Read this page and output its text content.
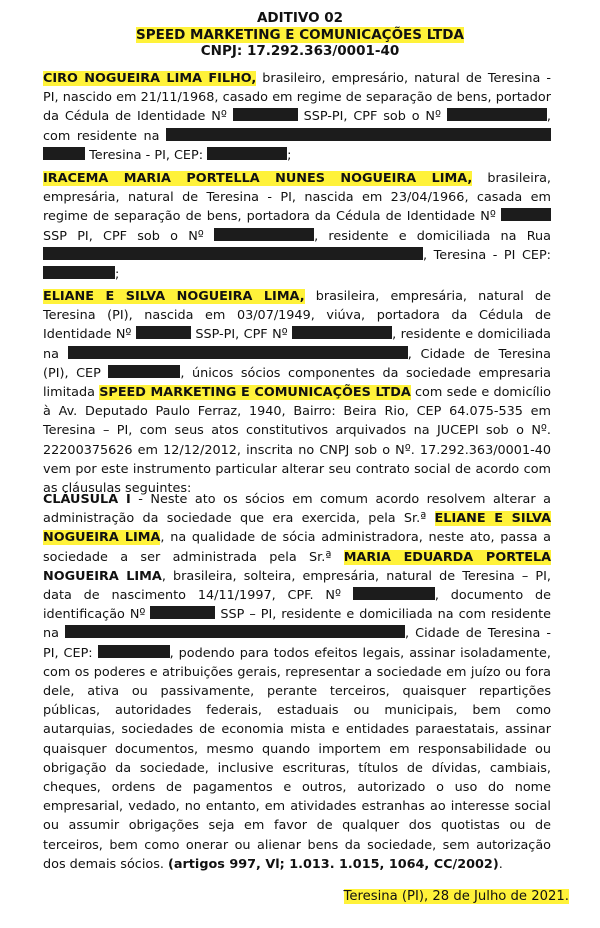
ADITIVO 02
SPEED MARKETING E COMUNICAÇÕES LTDA
CNPJ: 17.292.363/0001-40

CIRO NOGUEIRA LIMA FILHO, brasileiro, empresário, natural de Teresina - PI, nascido em 21/11/1968, casado em regime de separação de bens, portador da Cédula de Identidade Nº	SSP-PI, CPF sob o Nº	, com residente na   Teresina - PI, CEP:	;

IRACEMA MARIA PORTELLA NUNES NOGUEIRA LIMA, brasileira, empresária, natural de Teresina - PI, nascida em 23/04/1966, casada em regime de separação de bens, portadora da Cédula de Identidade Nº  SSP PI, CPF sob o Nº	, residente e domiciliada na Rua , Teresina - PI CEP: ;

ELIANE E SILVA NOGUEIRA LIMA, brasileira, empresária, natural de Teresina (PI), nascida em 03/07/1949, viúva, portadora da Cédula de Identidade Nº	SSP-PI, CPF Nº	, residente e domiciliada na	, Cidade de Teresina (PI), CEP	, únicos sócios componentes da sociedade empresaria limitada SPEED MARKETING E COMUNICAÇÕES LTDA com sede e domicílio à Av. Deputado Paulo Ferraz, 1940, Bairro: Beira Rio, CEP 64.075-535 em Teresina – PI, com seus atos constitutivos arquivados na JUCEPI sob o Nº. 22200375626 em 12/12/2012, inscrita no CNPJ sob o Nº. 17.292.363/0001-40 vem por este instrumento particular alterar seu contrato social de acordo com as cláusulas seguintes:

CLÁUSULA I - Neste ato os sócios em comum acordo resolvem alterar a administração da sociedade que era exercida, pela Sr.ª ELIANE E SILVA NOGUEIRA LIMA, na qualidade de sócia administradora, neste ato, passa a sociedade a ser administrada pela Sr.ª MARIA EDUARDA PORTELA NOGUEIRA LIMA, brasileira, solteira, empresária, natural de Teresina – PI, data de nascimento 14/11/1997, CPF. Nº	, documento de identificação Nº	SSP – PI, residente e domiciliada na com residente na	, Cidade de Teresina - PI, CEP:	, podendo para todos efeitos legais, assinar isoladamente, com os poderes e atribuições gerais, representar a sociedade em juízo ou fora dele, ativa ou passivamente, perante terceiros, quaisquer repartições públicas, autoridades federais, estaduais ou municipais, bem como autarquias, sociedades de economia mista e entidades paraestatais, assinar quaisquer documentos, mesmo quando importem em responsabilidade ou obrigação da sociedade, inclusive escrituras, títulos de dívidas, cambiais, cheques, ordens de pagamentos e outros, autorizado o uso do nome empresarial, vedado, no entanto, em atividades estranhas ao interesse social ou assumir obrigações seja em favor de qualquer dos quotistas ou de terceiros, bem como onerar ou alienar bens da sociedade, sem autorização dos demais sócios. (artigos 997, Vl; 1.013. 1.015, 1064, CC/2002).

Teresina (PI), 28 de Julho de 2021.
